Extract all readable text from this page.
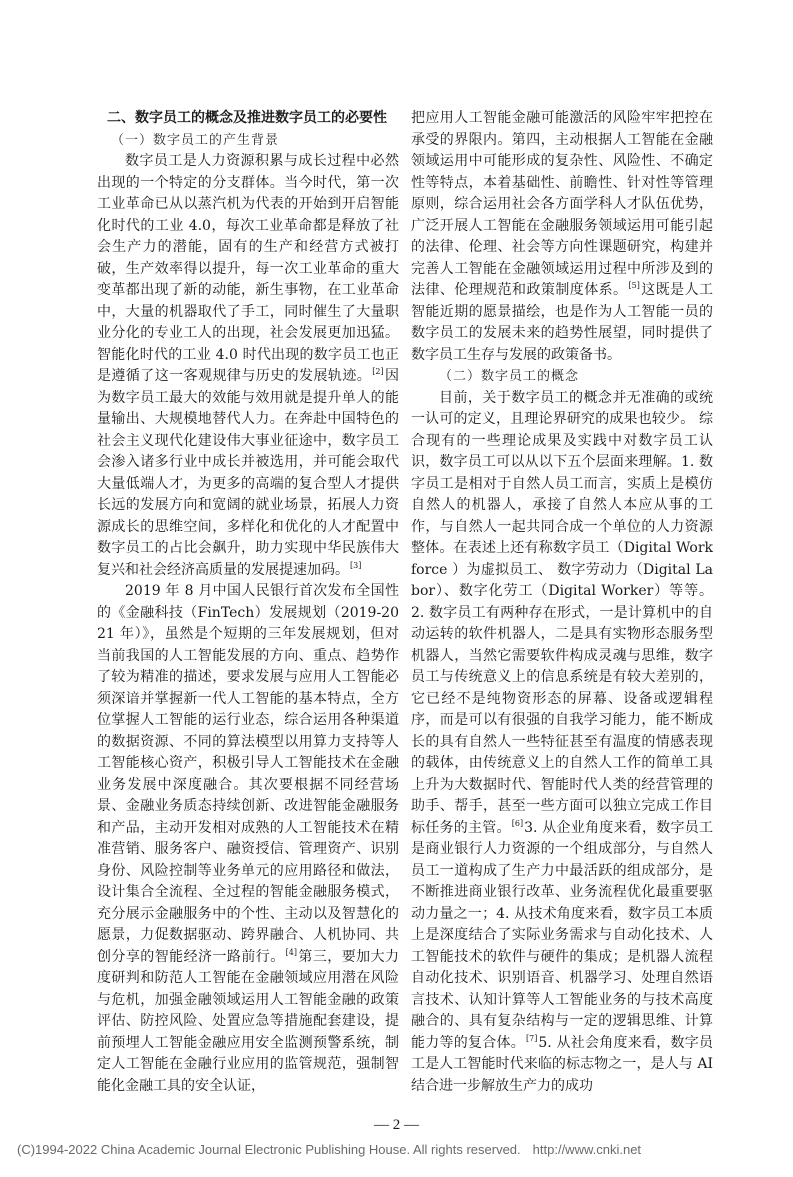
二、数字员工的概念及推进数字员工的必要性
（一）数字员工的产生背景

数字员工是人力资源积累与成长过程中必然出现的一个特定的分支群体。当今时代，第一次工业革命已从以蒸汽机为代表的开始到开启智能化时代的工业 4.0，每次工业革命都是释放了社会生产力的潜能，固有的生产和经营方式被打破，生产效率得以提升，每一次工业革命的重大变革都出现了新的动能，新生事物，在工业革命中，大量的机器取代了手工，同时催生了大量职业分化的专业工人的出现，社会发展更加迅猛。智能化时代的工业 4.0 时代出现的数字员工也正是遵循了这一客观规律与历史的发展轨迹。[2]因为数字员工最大的效能与效用就是提升单人的能量输出、大规模地替代人力。在奔赴中国特色的社会主义现代化建设伟大事业征途中，数字员工会渗入诸多行业中成长并被选用，并可能会取代大量低端人才，为更多的高端的复合型人才提供长远的发展方向和宽阔的就业场景，拓展人力资源成长的思维空间，多样化和优化的人才配置中数字员工的占比会飙升，助力实现中华民族伟大复兴和社会经济高质量的发展提速加码。[3]

2019 年 8 月中国人民银行首次发布全国性的《金融科技（FinTech）发展规划（2019-2021 年）》，虽然是个短期的三年发展规划，但对当前我国的人工智能发展的方向、重点、趋势作了较为精准的描述，要求发展与应用人工智能必须深谙并掌握新一代人工智能的基本特点，全方位掌握人工智能的运行业态，综合运用各种渠道的数据资源、不同的算法模型以用算力支持等人工智能核心资产，积极引导人工智能技术在金融业务发展中深度融合。其次要根据不同经营场景、金融业务质态持续创新、改进智能金融服务和产品，主动开发相对成熟的人工智能技术在精准营销、服务客户、融资授信、管理资产、识别身份、风险控制等业务单元的应用路径和做法，设计集合全流程、全过程的智能金融服务模式，充分展示金融服务中的个性、主动以及智慧化的愿景，力促数据驱动、跨界融合、人机协同、共创分享的智能经济一路前行。[4]第三，要加大力度研判和防范人工智能在金融领域应用潜在风险与危机，加强金融领域运用人工智能金融的政策评估、防控风险、处置应急等措施配套建设，提前预埋人工智能金融应用安全监测预警系统，制定人工智能在金融行业应用的监管规范，强制智能化金融工具的安全认证，

把应用人工智能金融可能激活的风险牢牢把控在承受的界限内。第四，主动根据人工智能在金融领域运用中可能形成的复杂性、风险性、不确定性等特点，本着基础性、前瞻性、针对性等管理原则，综合运用社会各方面学科人才队伍优势，广泛开展人工智能在金融服务领域运用可能引起的法律、伦理、社会等方向性课题研究，构建并完善人工智能在金融领域运用过程中所涉及到的法律、伦理规范和政策制度体系。[5]这既是人工智能近期的愿景描绘，也是作为人工智能一员的数字员工的发展未来的趋势性展望，同时提供了数字员工生存与发展的政策备书。

（二）数字员工的概念

目前，关于数字员工的概念并无准确的或统一认可的定义，且理论界研究的成果也较少。 综合现有的一些理论成果及实践中对数字员工认识，数字员工可以从以下五个层面来理解。1. 数字员工是相对于自然人员工而言，实质上是模仿自然人的机器人，承接了自然人本应从事的工作，与自然人一起共同合成一个单位的人力资源整体。在表述上还有称数字员工（Digital Workforce ）为虚拟员工、 数字劳动力（Digital Labor）、数字化劳工（Digital Worker）等等。2. 数字员工有两种存在形式，一是计算机中的自动运转的软件机器人，二是具有实物形态服务型机器人，当然它需要软件构成灵魂与思维，数字员工与传统意义上的信息系统是有较大差别的，它已经不是纯物资形态的屏幕、设备或逻辑程序，而是可以有很强的自我学习能力，能不断成长的具有自然人一些特征甚至有温度的情感表现的载体，由传统意义上的自然人工作的简单工具上升为大数据时代、智能时代人类的经营管理的助手、帮手，甚至一些方面可以独立完成工作目标任务的主管。[6]3. 从企业角度来看，数字员工是商业银行人力资源的一个组成部分，与自然人员工一道构成了生产力中最活跃的组成部分，是不断推进商业银行改革、业务流程优化最重要驱动力量之一；4. 从技术角度来看，数字员工本质上是深度结合了实际业务需求与自动化技术、人工智能技术的软件与硬件的集成；是机器人流程自动化技术、识别语音、机器学习、处理自然语言技术、认知计算等人工智能业务的与技术高度融合的、具有复杂结构与一定的逻辑思维、计算能力等的复合体。[7]5. 从社会角度来看，数字员工是人工智能时代来临的标志物之一，是人与 AI 结合进一步解放生产力的成功

— 2 —
(C)1994-2022 China Academic Journal Electronic Publishing House. All rights reserved. http://www.cnki.net
